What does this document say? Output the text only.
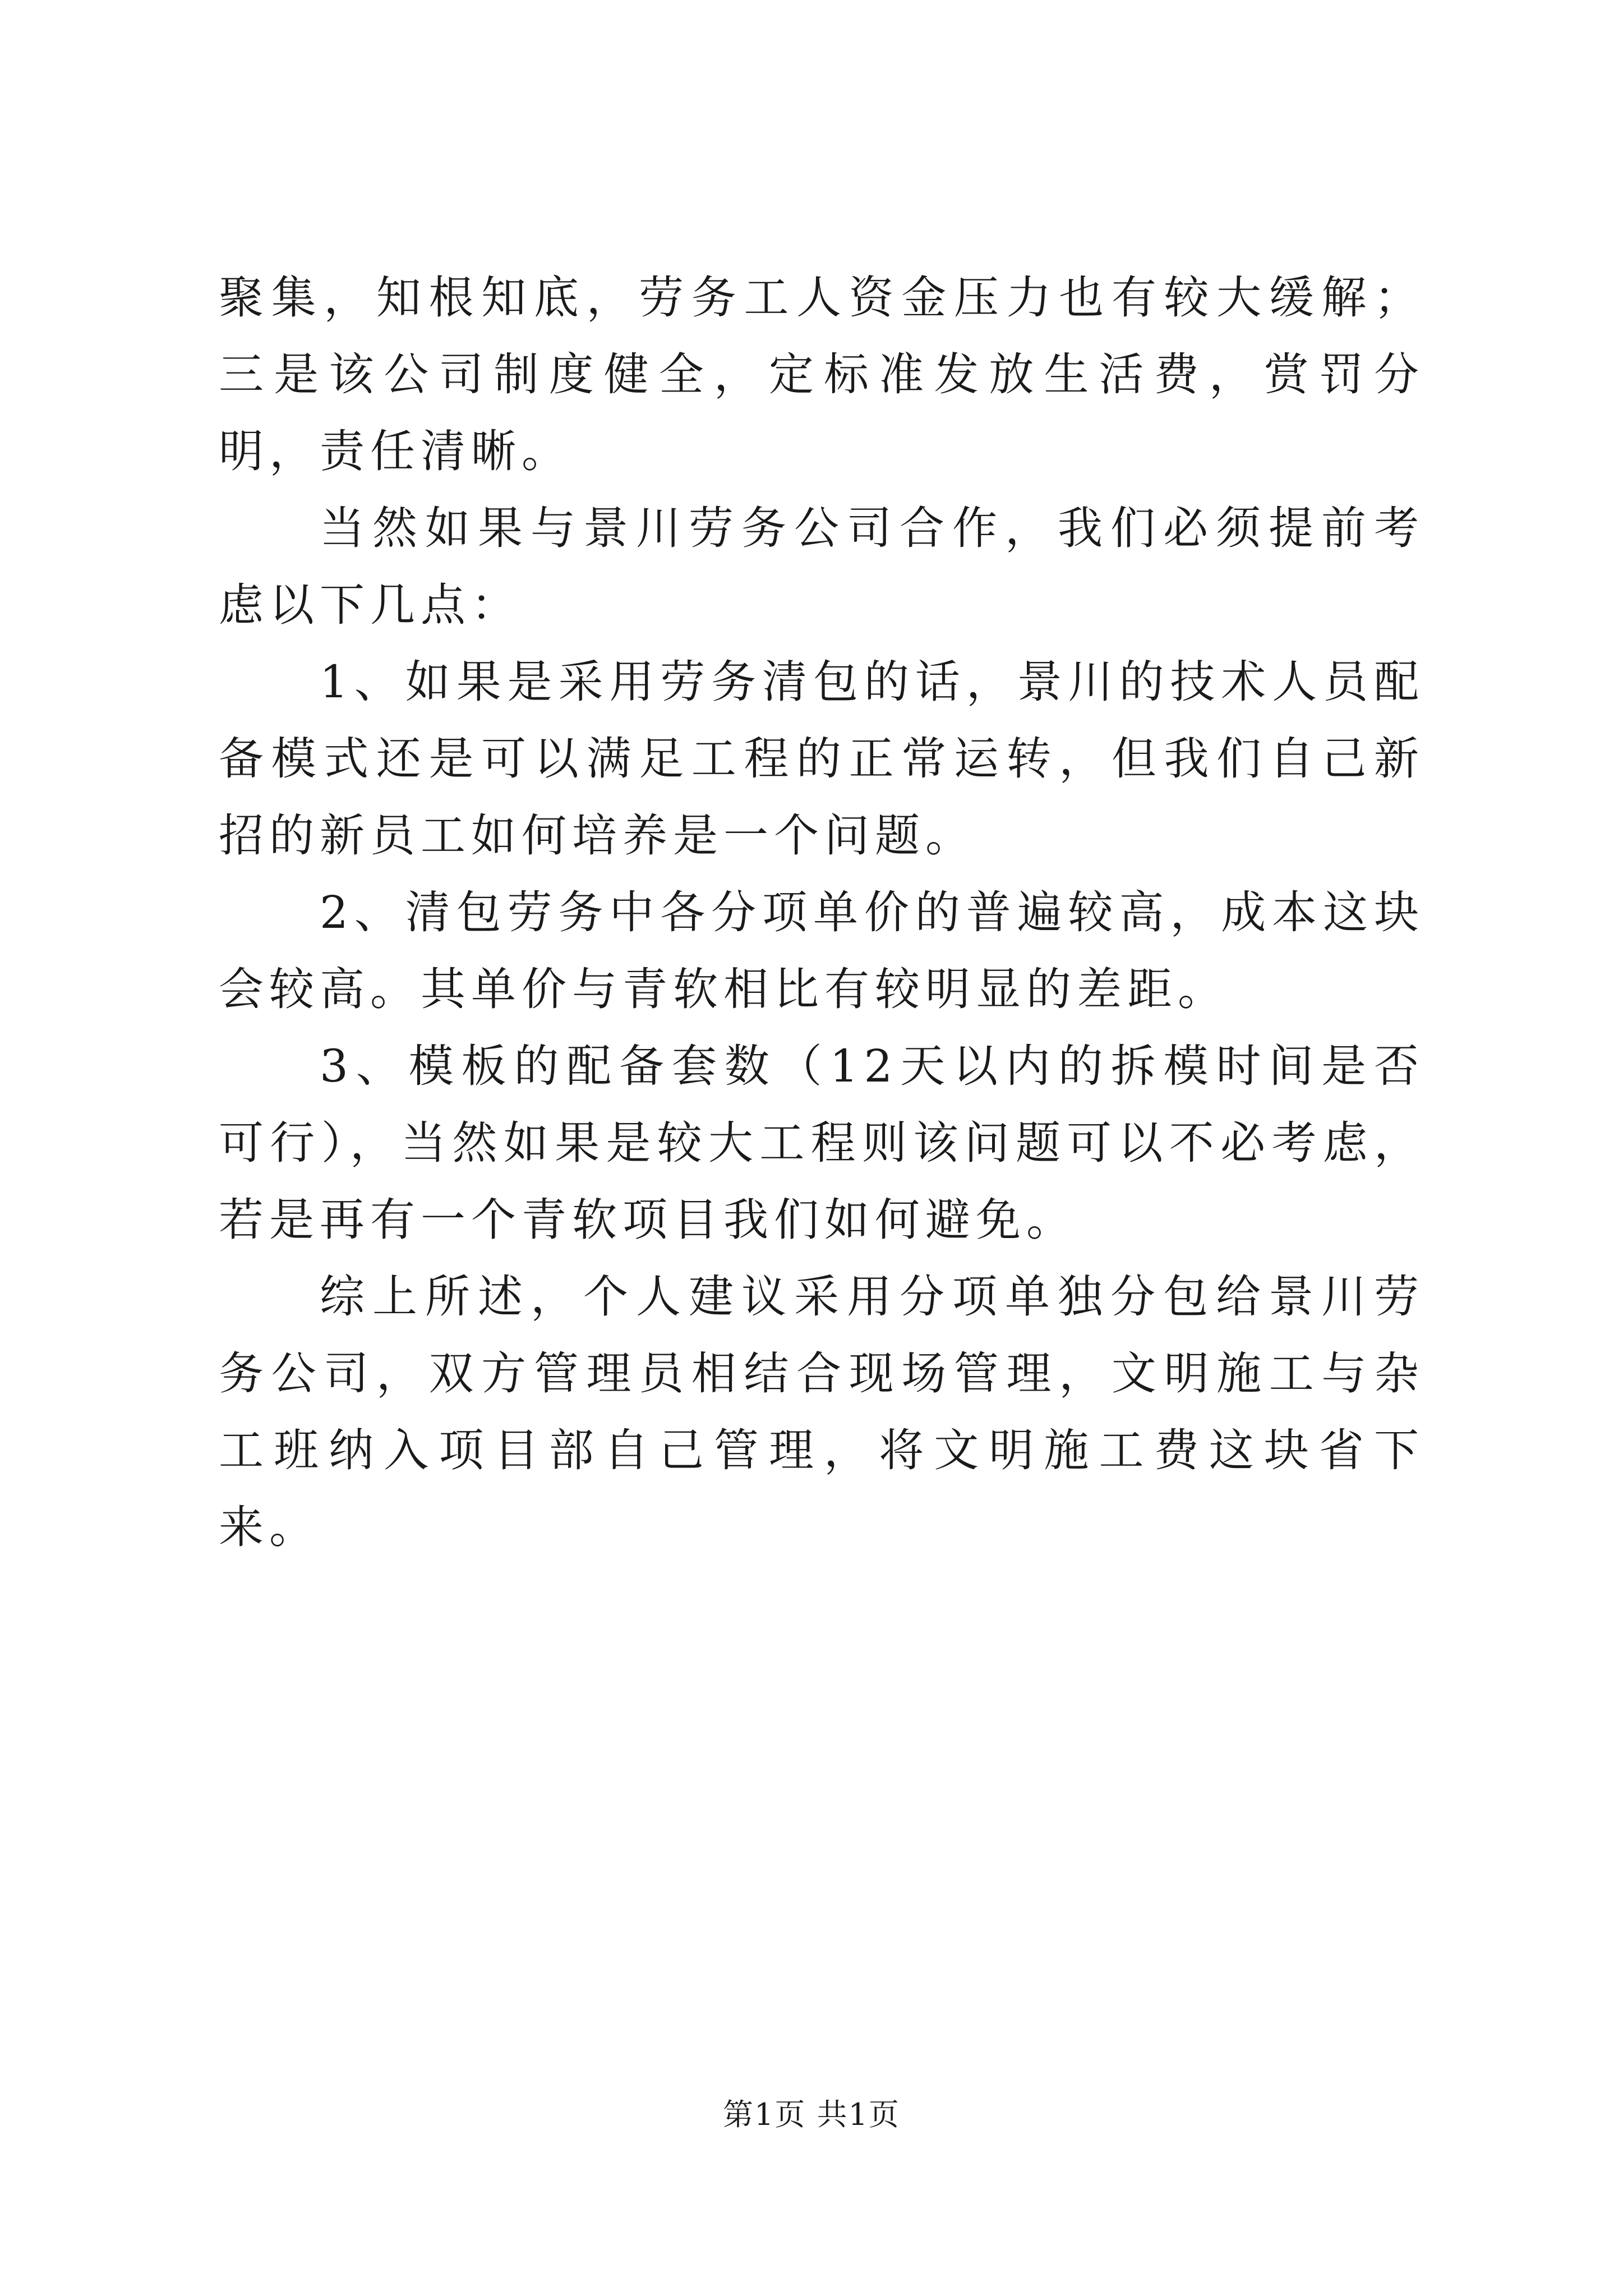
聚集，知根知底，劳务工人资金压力也有较大缓解；三是该公司制度健全，定标准发放生活费，赏罚分明，责任清晰。

当然如果与景川劳务公司合作，我们必须提前考虑以下几点：

1、如果是采用劳务清包的话，景川的技术人员配备模式还是可以满足工程的正常运转，但我们自己新招的新员工如何培养是一个问题。

2、清包劳务中各分项单价的普遍较高，成本这块会较高。其单价与青软相比有较明显的差距。

3、模板的配备套数（12天以内的拆模时间是否可行），当然如果是较大工程则该问题可以不必考虑，若是再有一个青软项目我们如何避免。

综上所述，个人建议采用分项单独分包给景川劳务公司，双方管理员相结合现场管理，文明施工与杂工班纳入项目部自己管理，将文明施工费这块省下来。

第1页 共1页
